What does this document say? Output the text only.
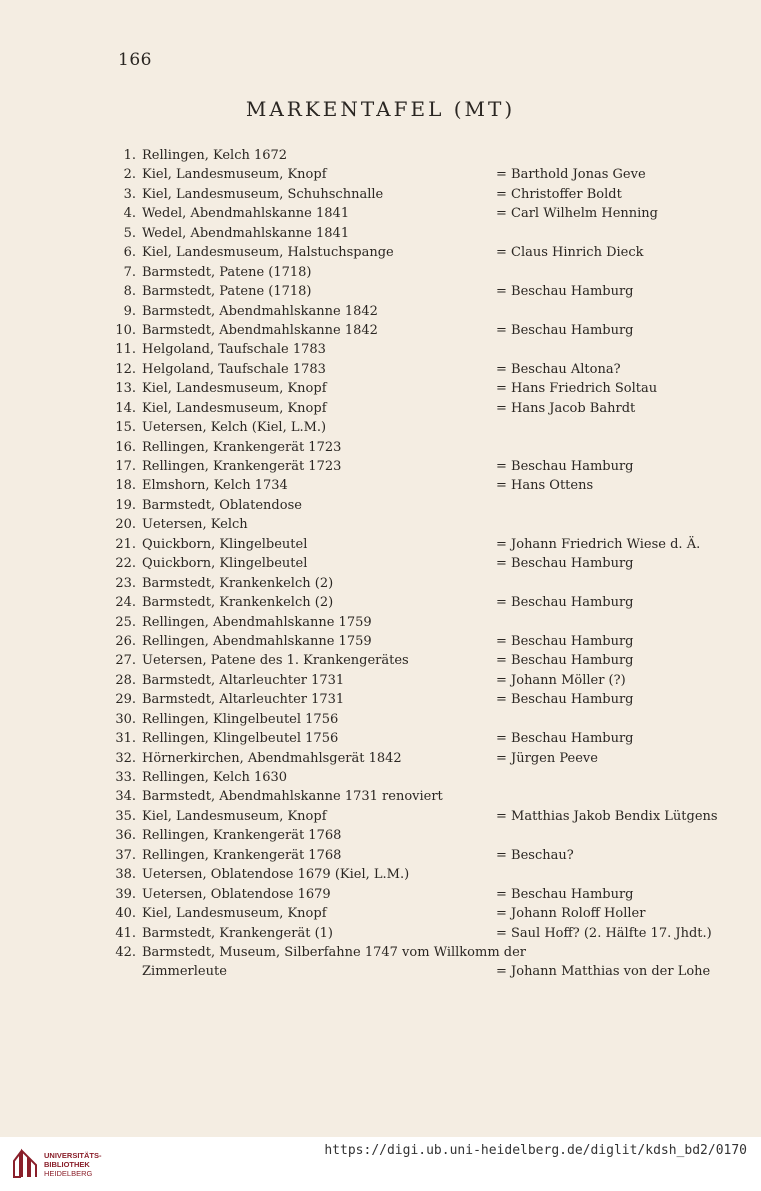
166
MARKENTAFEL (MT)
1. Rellingen, Kelch 1672
2. Kiel, Landesmuseum, Knopf	= Barthold Jonas Geve
3. Kiel, Landesmuseum, Schuhschnalle	= Christoffer Boldt
4. Wedel, Abendmahlskanne 1841	= Carl Wilhelm Henning
5. Wedel, Abendmahlskanne 1841
6. Kiel, Landesmuseum, Halstuchspange	= Claus Hinrich Dieck
7. Barmstedt, Patene (1718)
8. Barmstedt, Patene (1718)	= Beschau Hamburg
9. Barmstedt, Abendmahlskanne 1842
10. Barmstedt, Abendmahlskanne 1842	= Beschau Hamburg
11. Helgoland, Taufschale 1783
12. Helgoland, Taufschale 1783	= Beschau Altona?
13. Kiel, Landesmuseum, Knopf	= Hans Friedrich Soltau
14. Kiel, Landesmuseum, Knopf	= Hans Jacob Bahrdt
15. Uetersen, Kelch (Kiel, L.M.)
16. Rellingen, Krankengerät 1723
17. Rellingen, Krankengerät 1723	= Beschau Hamburg
18. Elmshorn, Kelch 1734	= Hans Ottens
19. Barmstedt, Oblatendose
20. Uetersen, Kelch
21. Quickborn, Klingelbeutel	= Johann Friedrich Wiese d. Ä.
22. Quickborn, Klingelbeutel	= Beschau Hamburg
23. Barmstedt, Krankenkelch (2)
24. Barmstedt, Krankenkelch (2)	= Beschau Hamburg
25. Rellingen, Abendmahlskanne 1759
26. Rellingen, Abendmahlskanne 1759	= Beschau Hamburg
27. Uetersen, Patene des 1. Krankengerätes	= Beschau Hamburg
28. Barmstedt, Altarleuchter 1731	= Johann Möller (?)
29. Barmstedt, Altarleuchter 1731	= Beschau Hamburg
30. Rellingen, Klingelbeutel 1756
31. Rellingen, Klingelbeutel 1756	= Beschau Hamburg
32. Hörnerkirchen, Abendmahlsgerät 1842	= Jürgen Peeve
33. Rellingen, Kelch 1630
34. Barmstedt, Abendmahlskanne 1731 renoviert
35. Kiel, Landesmuseum, Knopf	= Matthias Jakob Bendix Lütgens
36. Rellingen, Krankengerät 1768
37. Rellingen, Krankengerät 1768	= Beschau?
38. Uetersen, Oblatendose 1679 (Kiel, L.M.)
39. Uetersen, Oblatendose 1679	= Beschau Hamburg
40. Kiel, Landesmuseum, Knopf	= Johann Roloff Holler
41. Barmstedt, Krankengerät (1)	= Saul Hoff? (2. Hälfte 17. Jhdt.)
42. Barmstedt, Museum, Silberfahne 1747 vom Willkomm der
Zimmerleute	= Johann Matthias von der Lohe
UNIVERSITÄTS-
BIBLIOTHEK
HEIDELBERG
https://digi.ub.uni-heidelberg.de/diglit/kdsh_bd2/0170
